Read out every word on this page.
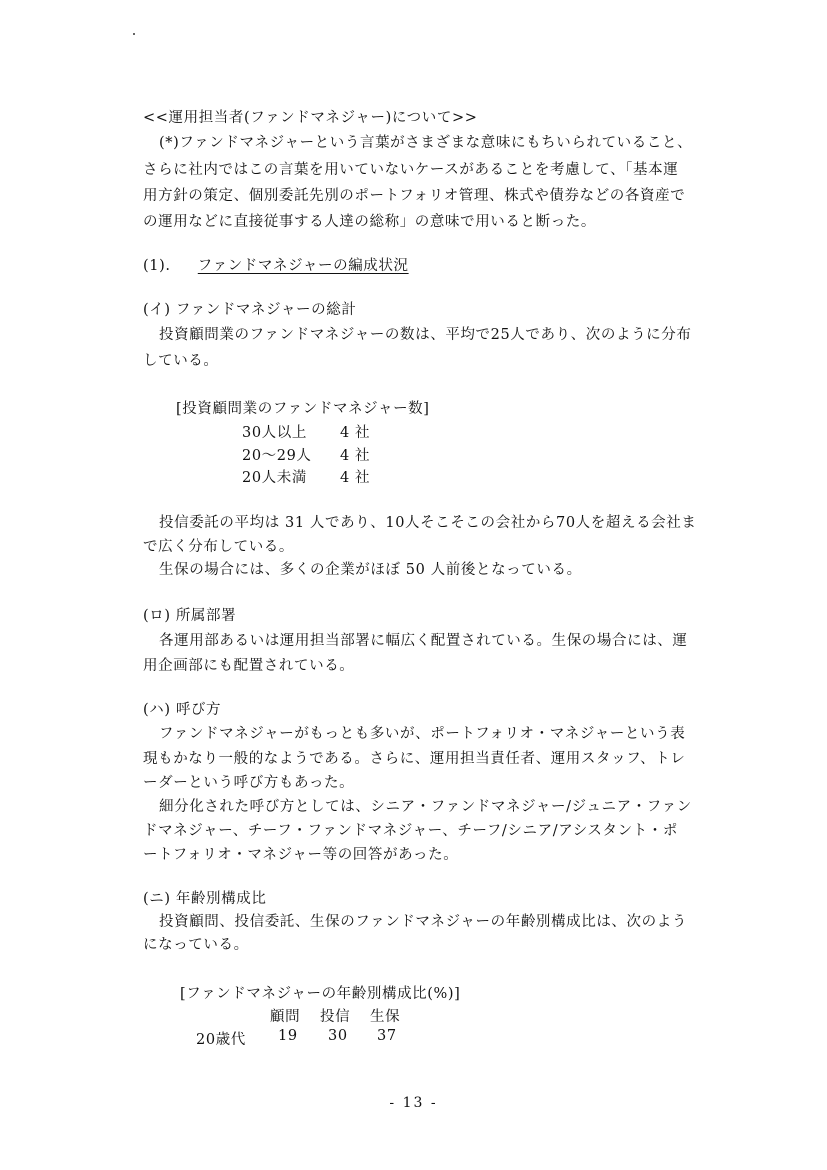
<<運用担当者(ファンドマネジャー)について>>
(*)ファンドマネジャーという言葉がさまざまな意味にもちいられていること、
さらに社内ではこの言葉を用いていないケースがあることを考慮して、「基本運
用方針の策定、個別委託先別のポートフォリオ管理、株式や債券などの各資産で
の運用などに直接従事する人達の総称」の意味で用いると断った。
(1). ファンドマネジャーの編成状況
(イ) ファンドマネジャーの総計
投資顧問業のファンドマネジャーの数は、平均で25人であり、次のように分布
している。
[投資顧問業のファンドマネジャー数]
30人以上 4 社
20〜29人 4 社
20人未満 4 社
投信委託の平均は 31 人であり、10人そこそこの会社から70人を超える会社ま
で広く分布している。
生保の場合には、多くの企業がほぼ 50 人前後となっている。
(ロ) 所属部署
各運用部あるいは運用担当部署に幅広く配置されている。生保の場合には、運
用企画部にも配置されている。
(ハ) 呼び方
ファンドマネジャーがもっとも多いが、ポートフォリオ・マネジャーという表
現もかなり一般的なようである。さらに、運用担当責任者、運用スタッフ、トレ
ーダーという呼び方もあった。
細分化された呼び方としては、シニア・ファンドマネジャー/ジュニア・ファン
ドマネジャー、チーフ・ファンドマネジャー、チーフ/シニア/アシスタント・ポ
ートフォリオ・マネジャー等の回答があった。
(ニ) 年齢別構成比
投資顧問、投信委託、生保のファンドマネジャーの年齢別構成比は、次のよう
になっている。
[ファンドマネジャーの年齢別構成比(%)]
顧問 投信 生保
20歳代 19 30 37
- 13 -
